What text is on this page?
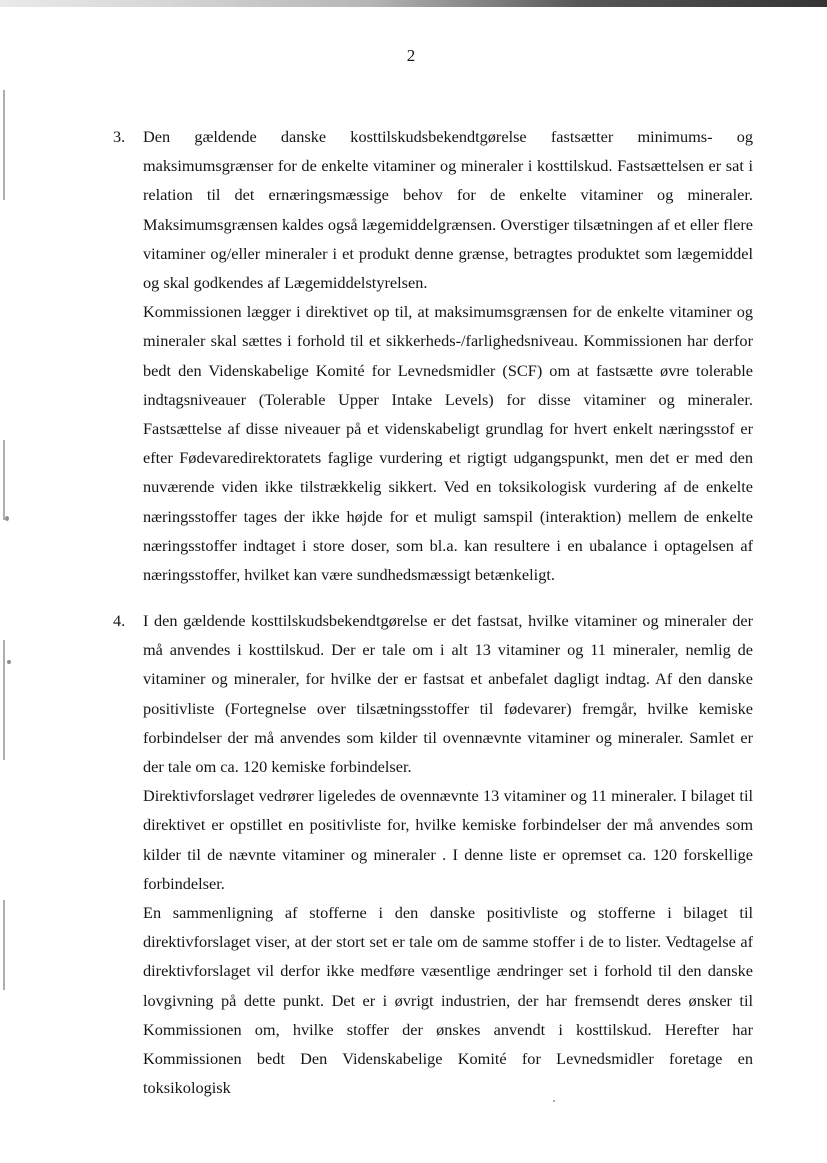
2
3. Den gældende danske kosttilskudsbekendtgørelse fastsætter minimums- og maksimumsgrænser for de enkelte vitaminer og mineraler i kosttilskud. Fastsættelsen er sat i relation til det ernæringsmæssige behov for de enkelte vitaminer og mineraler. Maksimumsgrænsen kaldes også lægemiddelgrænsen. Overstiger tilsætningen af et eller flere vitaminer og/eller mineraler i et produkt denne grænse, betragtes produktet som lægemiddel og skal godkendes af Lægemiddelstyrelsen.

Kommissionen lægger i direktivet op til, at maksimumsgrænsen for de enkelte vitaminer og mineraler skal sættes i forhold til et sikkerheds-/farlighedsniveau. Kommissionen har derfor bedt den Videnskabelige Komité for Levnedsmidler (SCF) om at fastsætte øvre tolerable indtagsniveauer (Tolerable Upper Intake Levels) for disse vitaminer og mineraler. Fastsættelse af disse niveauer på et videnskabeligt grundlag for hvert enkelt næringsstof er efter Fødevaredirektoratets faglige vurdering et rigtigt udgangspunkt, men det er med den nuværende viden ikke tilstrækkelig sikkert. Ved en toksikologisk vurdering af de enkelte næringsstoffer tages der ikke højde for et muligt samspil (interaktion) mellem de enkelte næringsstoffer indtaget i store doser, som bl.a. kan resultere i en ubalance i optagelsen af næringsstoffer, hvilket kan være sundhedsmæssigt betænkeligt.

4. I den gældende kosttilskudsbekendtgørelse er det fastsat, hvilke vitaminer og mineraler der må anvendes i kosttilskud. Der er tale om i alt 13 vitaminer og 11 mineraler, nemlig de vitaminer og mineraler, for hvilke der er fastsat et anbefalet dagligt indtag. Af den danske positivliste (Fortegnelse over tilsætningsstoffer til fødevarer) fremgår, hvilke kemiske forbindelser der må anvendes som kilder til ovennævnte vitaminer og mineraler. Samlet er der tale om ca. 120 kemiske forbindelser.

Direktivforslaget vedrører ligeledes de ovennævnte 13 vitaminer og 11 mineraler. I bilaget til direktivet er opstillet en positivliste for, hvilke kemiske forbindelser der må anvendes som kilder til de nævnte vitaminer og mineraler . I denne liste er opremset ca. 120 forskellige forbindelser.

En sammenligning af stofferne i den danske positivliste og stofferne i bilaget til direktivforslaget viser, at der stort set er tale om de samme stoffer i de to lister. Vedtagelse af direktivforslaget vil derfor ikke medføre væsentlige ændringer set i forhold til den danske lovgivning på dette punkt. Det er i øvrigt industrien, der har fremsendt deres ønsker til Kommissionen om, hvilke stoffer der ønskes anvendt i kosttilskud. Herefter har Kommissionen bedt Den Videnskabelige Komité for Levnedsmidler foretage en toksikologisk
